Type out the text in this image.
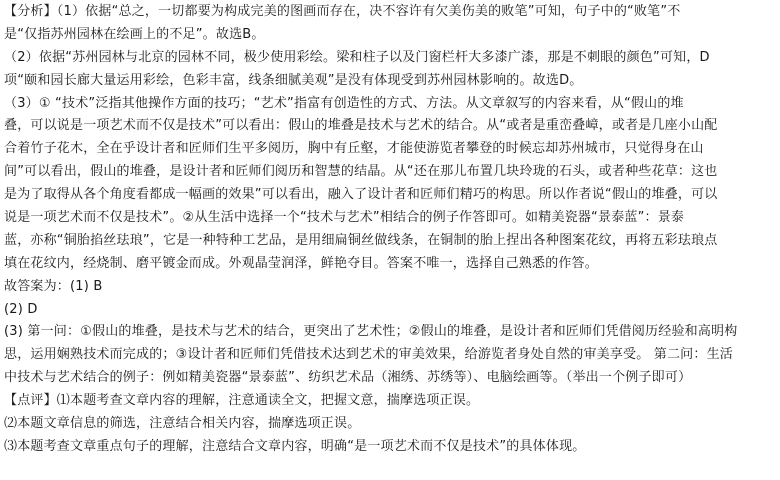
【分析】（1）依据“总之，一切都要为构成完美的图画而存在，决不容许有欠美伤美的败笔”可知，句子中的“败笔”不
是“仅指苏州园林在绘画上的不足”。故选B。
（2）依据“苏州园林与北京的园林不同，极少使用彩绘。梁和柱子以及门窗栏杆大多漆广漆，那是不刺眼的颜色”可知，D
项“颐和园长廊大量运用彩绘，色彩丰富，线条细腻美观”是没有体现受到苏州园林影响的。故选D。
（3）① “技术”泛指其他操作方面的技巧；“艺术”指富有创造性的方式、方法。从文章叙写的内容来看，从“假山的堆
叠，可以说是一项艺术而不仅是技术”可以看出：假山的堆叠是技术与艺术的结合。从“或者是重峦叠嶂，或者是几座小山配
合着竹子花木，全在乎设计者和匠师们生平多阅历，胸中有丘壑，才能使游览者攀登的时候忘却苏州城市，只觉得身在山
间”可以看出，假山的堆叠，是设计者和匠师们阅历和智慧的结晶。从“还在那儿布置几块玲珑的石头，或者种些花草：这也
是为了取得从各个角度看都成一幅画的效果”可以看出，融入了设计者和匠师们精巧的构思。所以作者说“假山的堆叠，可以
说是一项艺术而不仅是技术”。②从生活中选择一个“技术与艺术”相结合的例子作答即可。如精美瓷器“景泰蓝”：景泰
蓝，亦称“铜胎掐丝珐琅”，它是一种特种工艺品，是用细扁铜丝做线条，在铜制的胎上捏出各种图案花纹，再将五彩珐琅点
填在花纹内，经烧制、磨平镀金而成。外观晶莹润泽，鲜艳夺目。答案不唯一，选择自己熟悉的作答。
故答案为：(1) B
(2) D
(3) 第一问：①假山的堆叠，是技术与艺术的结合，更突出了艺术性；②假山的堆叠，是设计者和匠师们凭借阅历经验和高明构
思，运用娴熟技术而完成的；③设计者和匠师们凭借技术达到艺术的审美效果，给游览者身处自然的审美享受。 第二问：生活
中技术与艺术结合的例子：例如精美瓷器“景泰蓝”、纺织艺术品（湘绣、苏绣等）、电脑绘画等。（举出一个例子即可）
【点评】⑴本题考查文章内容的理解，注意通读全文，把握文意，揣摩选项正误。
⑵本题文章信息的筛选，注意结合相关内容，揣摩选项正误。
⑶本题考查文章重点句子的理解，注意结合文章内容，明确“是一项艺术而不仅是技术”的具体体现。
